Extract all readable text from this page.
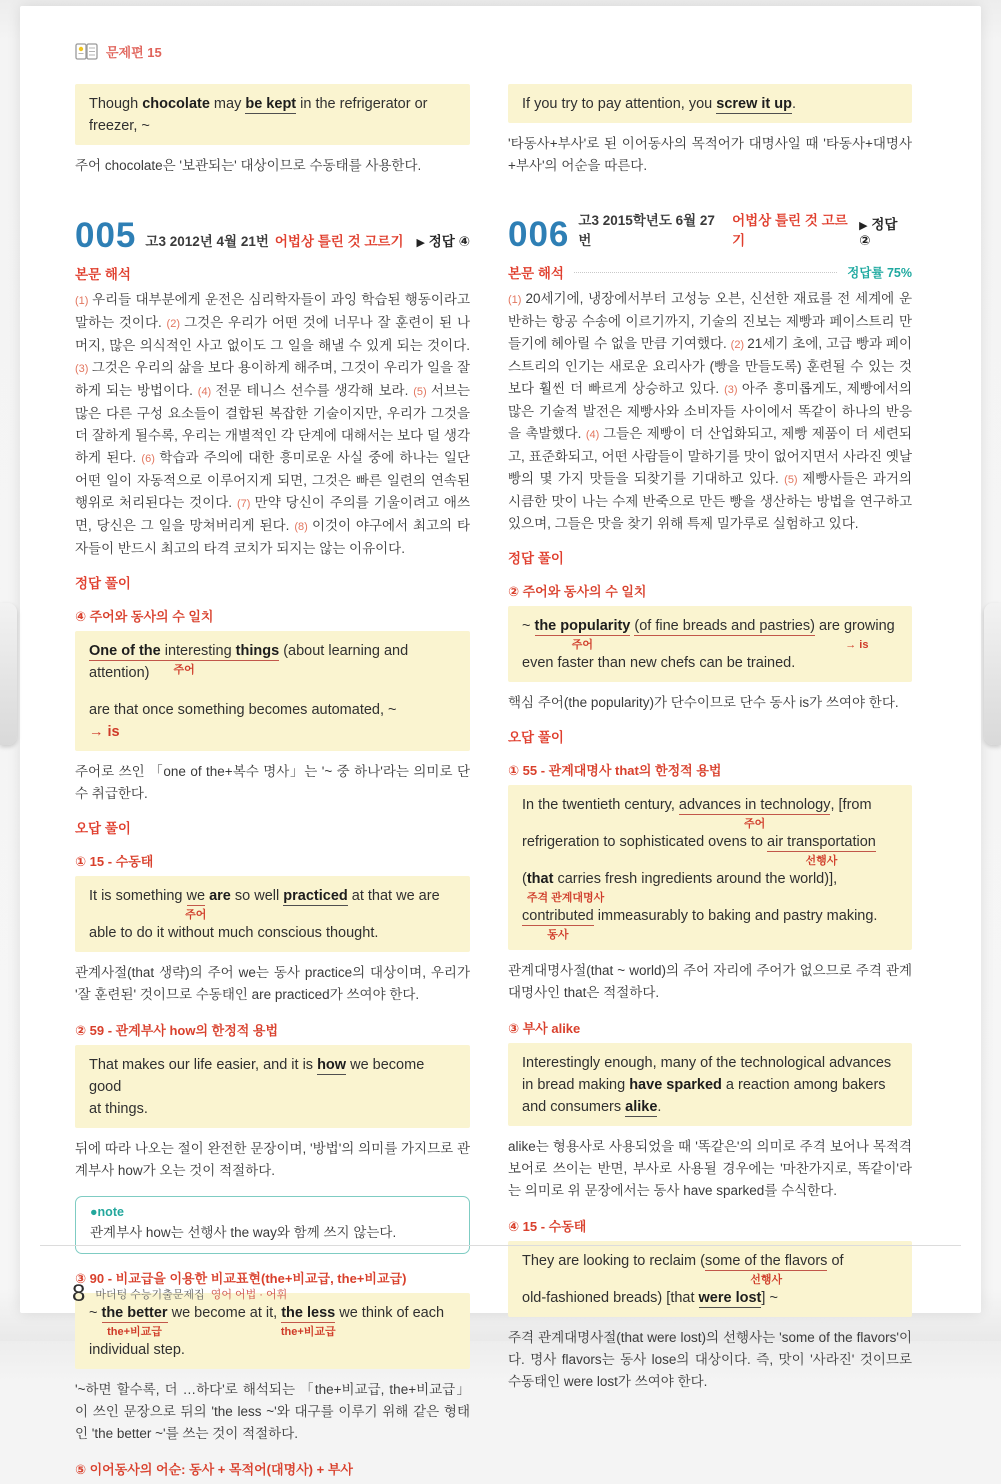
문제편 15
Though chocolate may be kept in the refrigerator or
freezer, ~

주어 chocolate은 '보관되는' 대상이므로 수동태를 사용한다.

005 고3 2012년 4월 21번 어법상 틀린 것 고르기 ▶ 정답 ④
본문 해석

(1) 우리들 대부분에게 운전은 심리학자들이 과잉 학습된 행동이라고 말하는 것이다. (2) 그것은 우리가 어떤 것에 너무나 잘 훈련이 된 나머지, 많은 의식적인 사고 없이도 그 일을 해낼 수 있게 되는 것이다. (3) 그것은 우리의 삶을 보다 용이하게 해주며, 그것이 우리가 일을 잘하게 되는 방법이다. (4) 전문 테니스 선수를 생각해 보라. (5) 서브는 많은 다른 구성 요소들이 결합된 복잡한 기술이지만, 우리가 그것을 더 잘하게 될수록, 우리는 개별적인 각 단계에 대해서는 보다 덜 생각하게 된다. (6) 학습과 주의에 대한 흥미로운 사실 중에 하나는 일단 어떤 일이 자동적으로 이루어지게 되면, 그것은 빠른 일련의 연속된 행위로 처리된다는 것이다. (7) 만약 당신이 주의를 기울이려고 애쓰면, 당신은 그 일을 망쳐버리게 된다. (8) 이것이 야구에서 최고의 타자들이 반드시 최고의 타격 코치가 되지는 않는 이유이다.

정답 풀이
④ 주어와 동사의 수 일치
One of the interesting things
주어
(about learning and attention)
are that once something becomes automated, ~
→ is

주어로 쓰인 「one of the+복수 명사」는 '~ 중 하나'라는 의미로 단수 취급한다.

오답 풀이
① 15 - 수동태
It is something we
주어
are so well practiced at that we are
able to do it without much conscious thought.

관계사절(that 생략)의 주어 we는 동사 practice의 대상이며, 우리가 '잘 훈련된' 것이므로 수동태인 are practiced가 쓰여야 한다.

② 59 - 관계부사 how의 한정적 용법
That makes our life easier, and it is how we become good
at things.

뒤에 따라 나오는 절이 완전한 문장이며, '방법'의 의미를 가지므로 관계부사 how가 오는 것이 적절하다.

●note
관계부사 how는 선행사 the way와 함께 쓰지 않는다.
③ 90 - 비교급을 이용한 비교표현(the+비교급, the+비교급)
~ the better
the+비교급
we become at it, the less
the+비교급
we think of each
individual step.

'~하면 할수록, 더 …하다'로 해석되는 「the+비교급, the+비교급」이 쓰인 문장으로 뒤의 'the less ~'와 대구를 이루기 위해 같은 형태인 'the better ~'를 쓰는 것이 적절하다.

⑤ 이어동사의 어순: 동사 + 목적어(대명사) + 부사
If you try to pay attention, you screw it up.

'타동사+부사'로 된 이어동사의 목적어가 대명사일 때 '타동사+대명사+부사'의 어순을 따른다.

006 고3 2015학년도 6월 27번
어법상 틀린 것 고르기
▶ 정답 ②
본문 해석	정답률 75%

(1) 20세기에, 냉장에서부터 고성능 오븐, 신선한 재료를 전 세계에 운반하는 항공 수송에 이르기까지, 기술의 진보는 제빵과 페이스트리 만들기에 헤아릴 수 없을 만큼 기여했다. (2) 21세기 초에, 고급 빵과 페이스트리의 인기는 새로운 요리사가 (빵을 만들도록) 훈련될 수 있는 것보다 훨씬 더 빠르게 상승하고 있다. (3) 아주 흥미롭게도, 제빵에서의 많은 기술적 발전은 제빵사와 소비자들 사이에서 똑같이 하나의 반응을 촉발했다. (4) 그들은 제빵이 더 산업화되고, 제빵 제품이 더 세련되고, 표준화되고, 어떤 사람들이 말하기를 맛이 없어지면서 사라진 옛날 빵의 몇 가지 맛들을 되찾기를 기대하고 있다. (5) 제빵사들은 과거의 시큼한 맛이 나는 수제 반죽으로 만든 빵을 생산하는 방법을 연구하고 있으며, 그들은 맛을 찾기 위해 특제 밀가루로 실험하고 있다.

정답 풀이
② 주어와 동사의 수 일치
~ the popularity
주어
(of fine breads and pastries) are growing
→ is
even faster than new chefs can be trained.

핵심 주어(the popularity)가 단수이므로 단수 동사 is가 쓰여야 한다.

오답 풀이
① 55 - 관계대명사 that의 한정적 용법
In the twentieth century, advances in technology
주어
, [from
refrigeration to sophisticated ovens to air transportation
선행사
(that
주격 관계대명사
carries fresh ingredients around the world)],
contributed
동사
immeasurably to baking and pastry making.

관계대명사절(that ~ world)의 주어 자리에 주어가 없으므로 주격 관계대명사인 that은 적절하다.

③ 부사 alike
Interestingly enough, many of the technological advances
in bread making have sparked a reaction among bakers
and consumers alike.

alike는 형용사로 사용되었을 때 '똑같은'의 의미로 주격 보어나 목적격 보어로 쓰이는 반면, 부사로 사용될 경우에는 '마찬가지로, 똑같이'라는 의미로 위 문장에서는 동사 have sparked를 수식한다.

④ 15 - 수동태
They are looking to reclaim (some of the flavors
선행사
of
old-fashioned breads) [that were lost] ~

주격 관계대명사절(that were lost)의 선행사는 'some of the flavors'이다. 명사 flavors는 동사 lose의 대상이다. 즉, 맛이 '사라진' 것이므로 수동태인 were lost가 쓰여야 한다.

8 마더텅 수능기출문제집 영어 어법 · 어휘
